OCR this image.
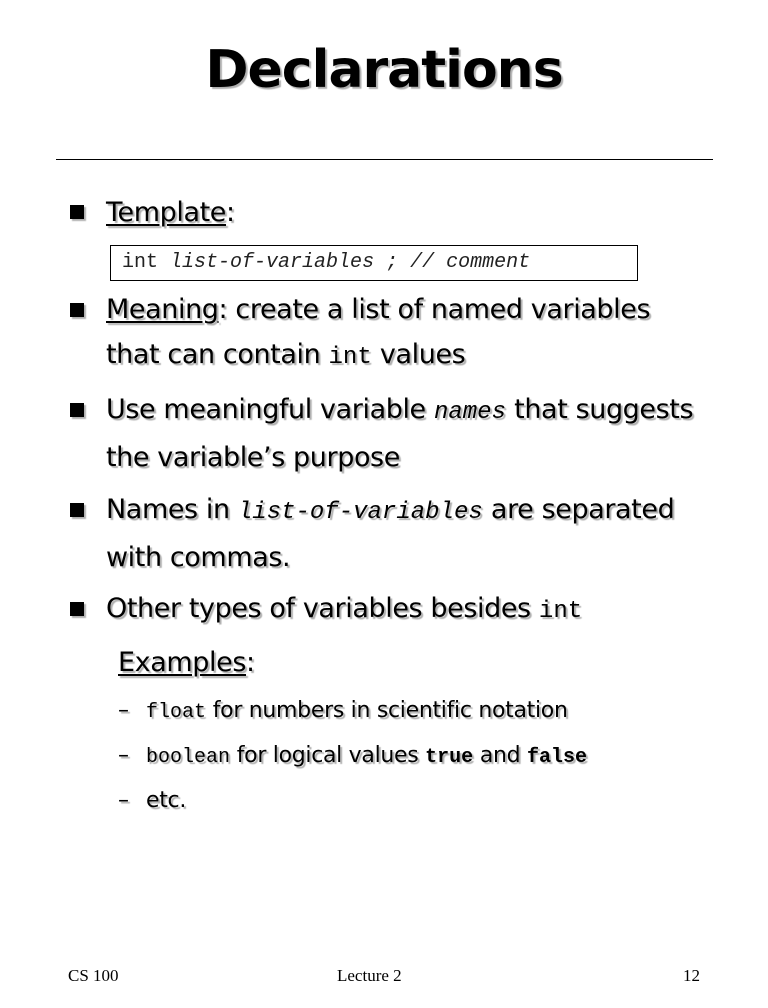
Declarations
Template:
int list-of-variables ; // comment
Meaning: create a list of named variables that can contain int values
Use meaningful variable names that suggests the variable’s purpose
Names in list-of-variables are separated with commas.
Other types of variables besides int
Examples:
– float for numbers in scientific notation
– boolean for logical values true and false
– etc.
CS 100	Lecture 2	12
